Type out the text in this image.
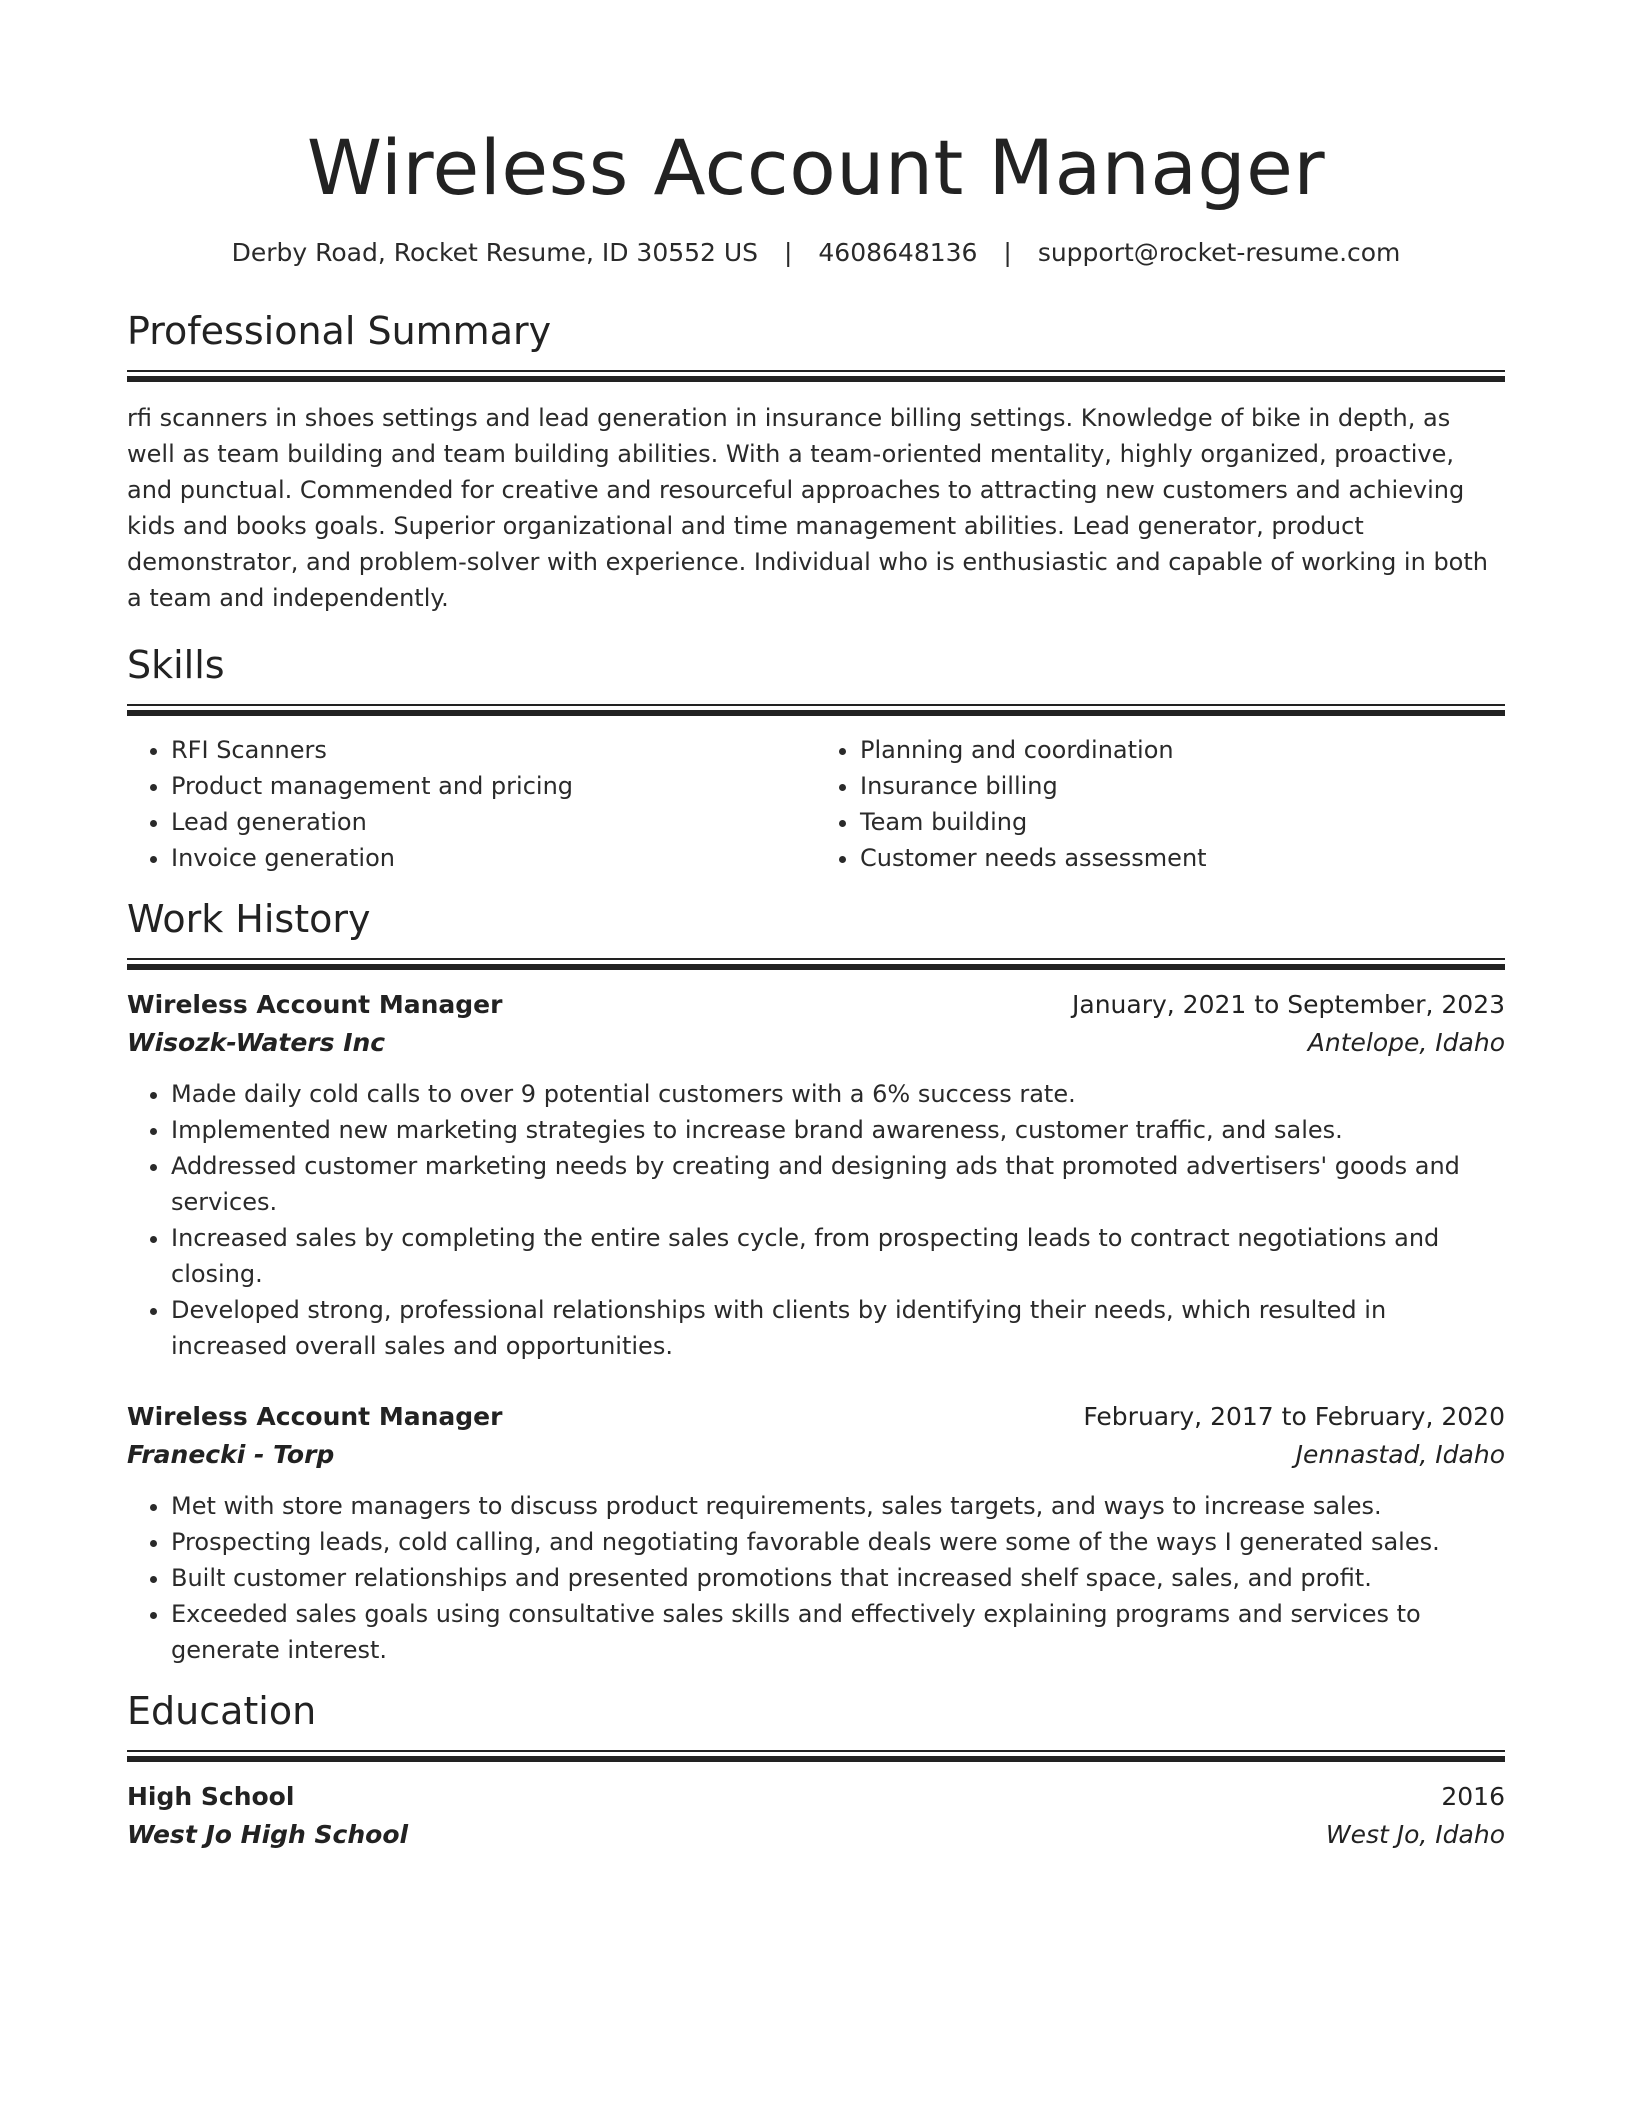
Wireless Account Manager
Derby Road, Rocket Resume, ID 30552 US | 4608648136 | support@rocket-resume.com
Professional Summary

rfi scanners in shoes settings and lead generation in insurance billing settings. Knowledge of bike in depth, as well as team building and team building abilities. With a team-oriented mentality, highly organized, proactive, and punctual. Commended for creative and resourceful approaches to attracting new customers and achieving kids and books goals. Superior organizational and time management abilities. Lead generator, product demonstrator, and problem-solver with experience. Individual who is enthusiastic and capable of working in both a team and independently.

Skills
• RFI Scanners
• Product management and pricing
• Lead generation
• Invoice generation
• Planning and coordination
• Insurance billing
• Team building
• Customer needs assessment
Work History
Wireless Account Manager	January, 2021 to September, 2023
Wisozk-Waters Inc	Antelope, Idaho
• Made daily cold calls to over 9 potential customers with a 6% success rate.
• Implemented new marketing strategies to increase brand awareness, customer traffic, and sales.
• Addressed customer marketing needs by creating and designing ads that promoted advertisers' goods and services.
• Increased sales by completing the entire sales cycle, from prospecting leads to contract negotiations and closing.
• Developed strong, professional relationships with clients by identifying their needs, which resulted in increased overall sales and opportunities.
Wireless Account Manager	February, 2017 to February, 2020
Franecki - Torp	Jennastad, Idaho
• Met with store managers to discuss product requirements, sales targets, and ways to increase sales.
• Prospecting leads, cold calling, and negotiating favorable deals were some of the ways I generated sales.
• Built customer relationships and presented promotions that increased shelf space, sales, and profit.
• Exceeded sales goals using consultative sales skills and effectively explaining programs and services to generate interest.
Education
High School	2016
West Jo High School	West Jo, Idaho
